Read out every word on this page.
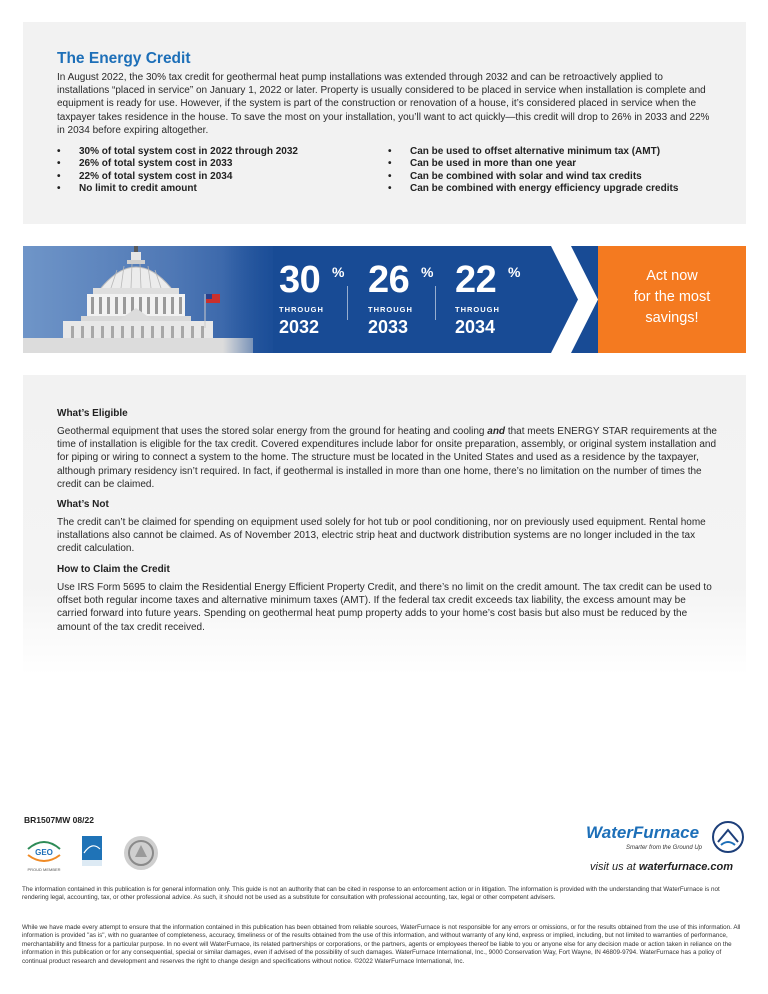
The Energy Credit
In August 2022, the 30% tax credit for geothermal heat pump installations was extended through 2032 and can be retroactively applied to installations “placed in service” on January 1, 2022 or later. Property is usually considered to be placed in service when installation is complete and equipment is ready for use. However, if the system is part of the construction or renovation of a house, it’s considered placed in service when the taxpayer takes residence in the house. To save the most on your installation, you’ll want to act quickly—this credit will drop to 26% in 2033 and 22% in 2034 before expiring altogether.
• 30% of total system cost in 2022 through 2032
• 26% of total system cost in 2033
• 22% of total system cost in 2034
• No limit to credit amount
• Can be used to offset alternative minimum tax (AMT)
• Can be used in more than one year
• Can be combined with solar and wind tax credits
• Can be combined with energy efficiency upgrade credits
30 %
THROUGH
2032
26 %
THROUGH
2033
22 %
THROUGH
2034
Act now
for the most
savings!
What’s Eligible
Geothermal equipment that uses the stored solar energy from the ground for heating and cooling and that meets ENERGY STAR requirements at the time of installation is eligible for the tax credit. Covered expenditures include labor for onsite preparation, assembly, or original system installation and for piping or wiring to connect a system to the home. The structure must be located in the United States and used as a residence by the taxpayer, although primary residency isn’t required. In fact, if geothermal is installed in more than one home, there’s no limitation on the number of times the credit can be claimed.
What’s Not
The credit can’t be claimed for spending on equipment used solely for hot tub or pool conditioning, nor on previously used equipment. Rental home installations also cannot be claimed. As of November 2013, electric strip heat and ductwork distribution systems are no longer included in the tax credit calculation.
How to Claim the Credit
Use IRS Form 5695 to claim the Residential Energy Efficient Property Credit, and there’s no limit on the credit amount. The tax credit can be used to offset both regular income taxes and alternative minimum taxes (AMT). If the federal tax credit exceeds tax liability, the excess amount may be carried forward into future years. Spending on geothermal heat pump property adds to your home’s cost basis but also must be reduced by the amount of the tax credit received.
BR1507MW 08/22
GEO
PROUD MEMBER
WaterFurnace
Smarter from the Ground Up
visit us at waterfurnace.com
The information contained in this publication is for general information only. This guide is not an authority that can be cited in response to an enforcement action or in litigation. The information is provided with the understanding that WaterFurnace is not rendering legal, accounting, tax, or other professional advice. As such, it should not be used as a substitute for consultation with professional accounting, tax, legal or other competent advisers.
While we have made every attempt to ensure that the information contained in this publication has been obtained from reliable sources, WaterFurnace is not responsible for any errors or omissions, or for the results obtained from the use of this information. All information is provided "as is", with no guarantee of completeness, accuracy, timeliness or of the results obtained from the use of this information, and without warranty of any kind, express or implied, including, but not limited to warranties of performance, merchantability and fitness for a particular purpose. In no event will WaterFurnace, its related partnerships or corporations, or the partners, agents or employees thereof be liable to you or anyone else for any decision made or action taken in reliance on the information in this publication or for any consequential, special or similar damages, even if advised of the possibility of such damages. WaterFurnace International, Inc., 9000 Conservation Way, Fort Wayne, IN 46809-9794. WaterFurnace has a policy of continual product research and development and reserves the right to change design and specifications without notice. ©2022 WaterFurnace International, Inc.
